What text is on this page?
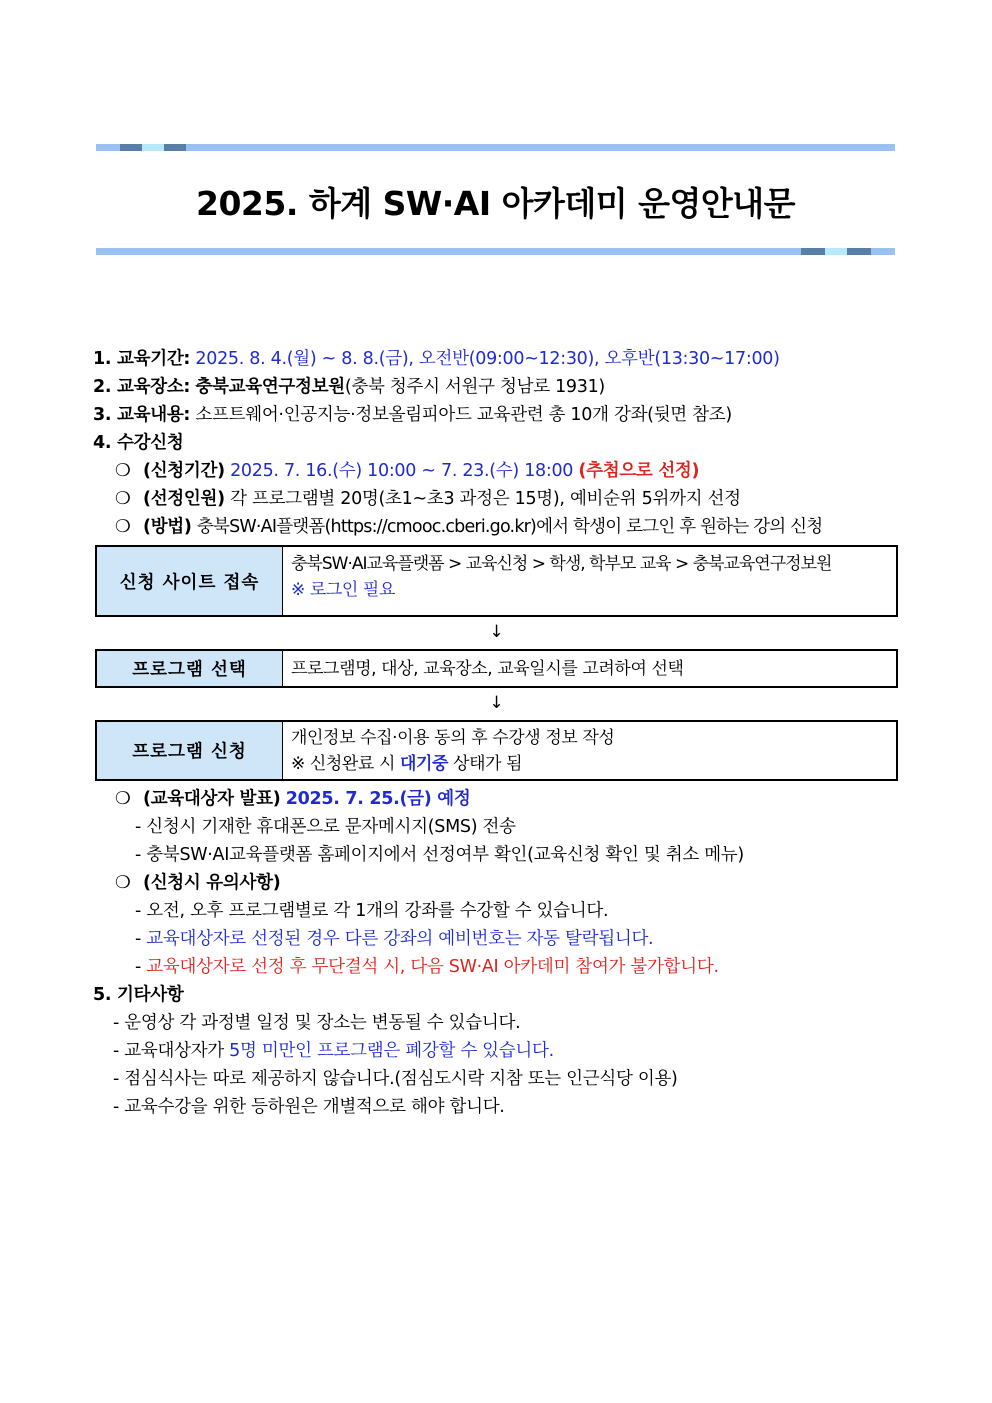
2025. 하계 SW·AI 아카데미 운영안내문
1. 교육기간: 2025. 8. 4.(월) ~ 8. 8.(금), 오전반(09:00~12:30), 오후반(13:30~17:00)
2. 교육장소: 충북교육연구정보원(충북 청주시 서원구 청남로 1931)
3. 교육내용: 소프트웨어·인공지능·정보올림피아드 교육관련 총 10개 강좌(뒷면 참조)
4. 수강신청
❍ (신청기간) 2025. 7. 16.(수) 10:00 ~ 7. 23.(수) 18:00 (추첨으로 선정)
❍ (선정인원) 각 프로그램별 20명(초1~초3 과정은 15명), 예비순위 5위까지 선정
❍ (방법) 충북SW·AI플랫폼(https://cmooc.cberi.go.kr)에서 학생이 로그인 후 원하는 강의 신청
신청 사이트 접속
충북SW·AI교육플랫폼 > 교육신청 > 학생, 학부모 교육 > 충북교육연구정보원
※ 로그인 필요
↓
프로그램 선택	프로그램명, 대상, 교육장소, 교육일시를 고려하여 선택
↓
프로그램 신청
개인정보 수집·이용 동의 후 수강생 정보 작성
※ 신청완료 시 대기중 상태가 됨
❍ (교육대상자 발표) 2025. 7. 25.(금) 예정
- 신청시 기재한 휴대폰으로 문자메시지(SMS) 전송
- 충북SW·AI교육플랫폼 홈페이지에서 선정여부 확인(교육신청 확인 및 취소 메뉴)
❍ (신청시 유의사항)
- 오전, 오후 프로그램별로 각 1개의 강좌를 수강할 수 있습니다.
- 교육대상자로 선정된 경우 다른 강좌의 예비번호는 자동 탈락됩니다.
- 교육대상자로 선정 후 무단결석 시, 다음 SW·AI 아카데미 참여가 불가합니다.
5. 기타사항
- 운영상 각 과정별 일정 및 장소는 변동될 수 있습니다.
- 교육대상자가 5명 미만인 프로그램은 폐강할 수 있습니다.
- 점심식사는 따로 제공하지 않습니다.(점심도시락 지참 또는 인근식당 이용)
- 교육수강을 위한 등하원은 개별적으로 해야 합니다.
